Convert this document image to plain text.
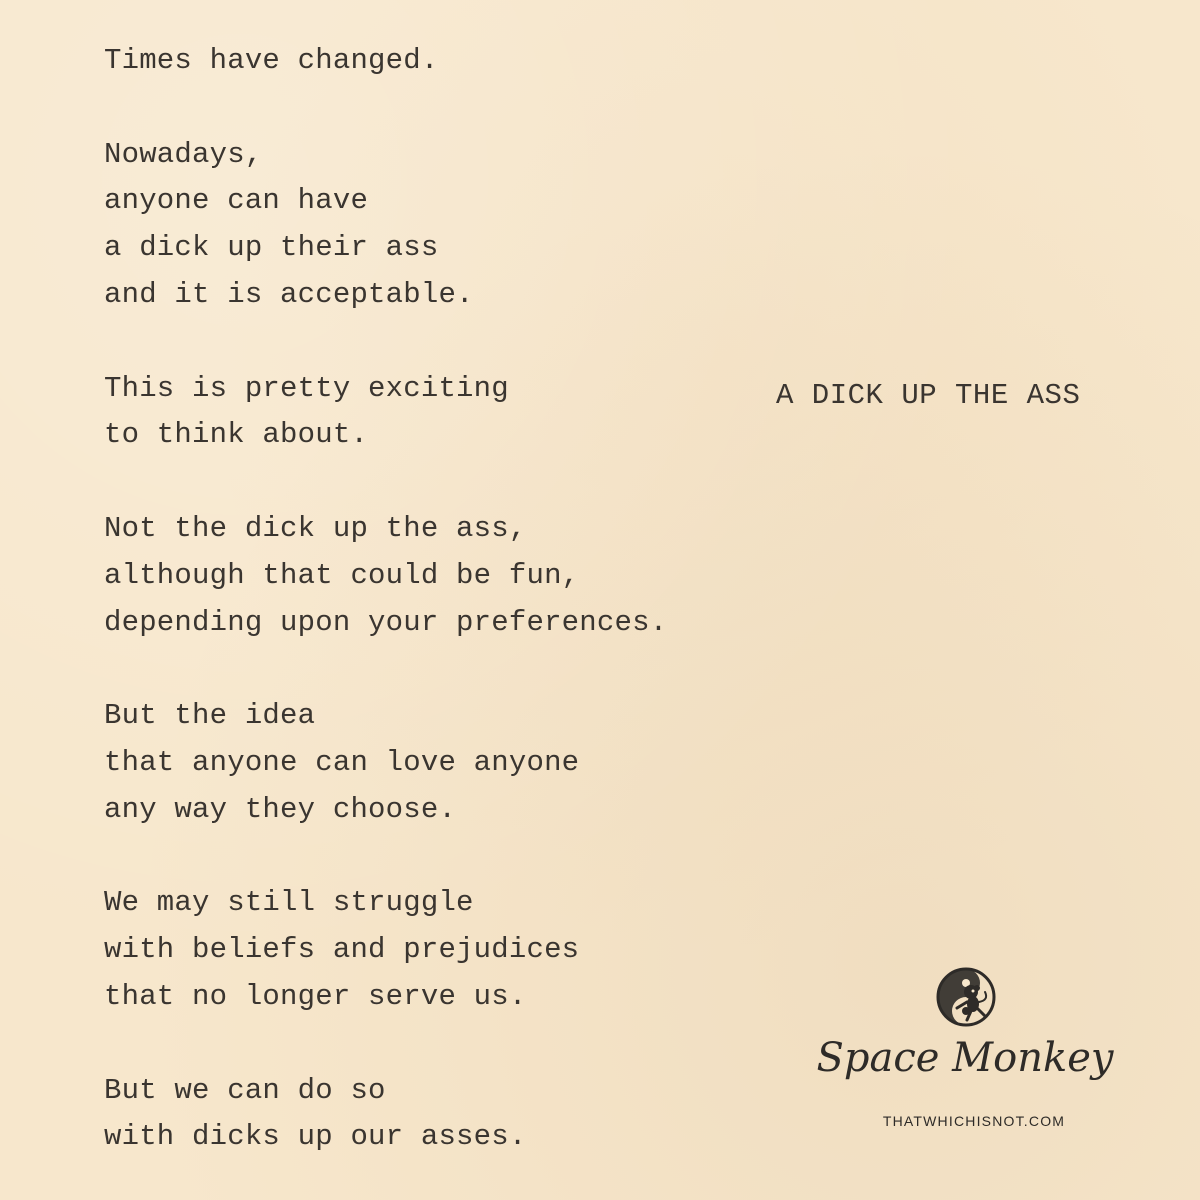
Times have changed.
Nowadays,
anyone can have
a dick up their ass
and it is acceptable.
This is pretty exciting
to think about.
Not the dick up the ass,
although that could be fun,
depending upon your preferences.
But the idea
that anyone can love anyone
any way they choose.
We may still struggle
with beliefs and prejudices
that no longer serve us.
But we can do so
with dicks up our asses.
A DICK UP THE ASS
Space Monkey
THATWHICHISNOT.COM
